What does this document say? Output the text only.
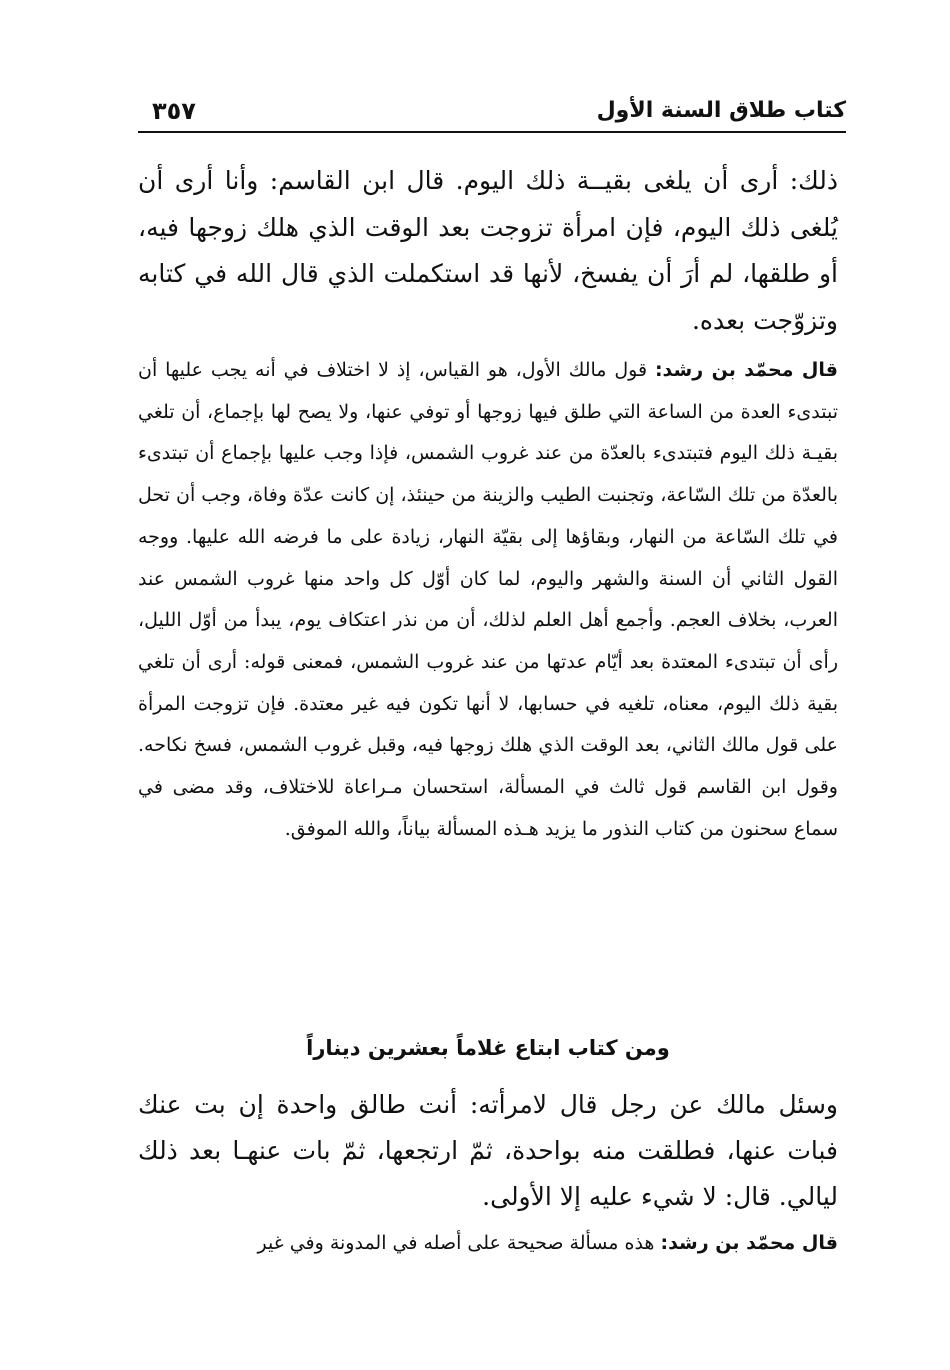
كتاب طلاق السنة الأول
٣٥٧

ذلك: أرى أن يلغى بقيــة ذلك اليوم. قال ابن القاسم: وأنا أرى أن يُلغى ذلك اليوم، فإن امرأة تزوجت بعد الوقت الذي هلك زوجها فيه، أو طلقها، لم أرَ أن يفسخ، لأنها قد استكملت الذي قال الله في كتابه وتزوّجت بعده.

قال محمّد بن رشد: قول مالك الأول، هو القياس، إذ لا اختلاف في أنه يجب عليها أن تبتدىء العدة من الساعة التي طلق فيها زوجها أو توفي عنها، ولا يصح لها بإجماع، أن تلغي بقيـة ذلك اليوم فتبتدىء بالعدّة من عند غروب الشمس، فإذا وجب عليها بإجماع أن تبتدىء بالعدّة من تلك السّاعة، وتجنبت الطيب والزينة من حينئذ، إن كانت عدّة وفاة، وجب أن تحل في تلك السّاعة من النهار، وبقاؤها إلى بقيّة النهار، زيادة على ما فرضه الله عليها. ووجه القول الثاني أن السنة والشهر واليوم، لما كان أوّل كل واحد منها غروب الشمس عند العرب، بخلاف العجم. وأجمع أهل العلم لذلك، أن من نذر اعتكاف يوم، يبدأ من أوّل الليل، رأى أن تبتدىء المعتدة بعد أيّام عدتها من عند غروب الشمس، فمعنى قوله: أرى أن تلغي بقية ذلك اليوم، معناه، تلغيه في حسابها، لا أنها تكون فيه غير معتدة. فإن تزوجت المرأة على قول مالك الثاني، بعد الوقت الذي هلك زوجها فيه، وقبل غروب الشمس، فسخ نكاحه. وقول ابن القاسم قول ثالث في المسألة، استحسان مـراعاة للاختلاف، وقد مضى في سماع سحنون من كتاب النذور ما يزيد هـذه المسألة بياناً، والله الموفق.

ومن كتاب ابتاع غلاماً بعشرين ديناراً

وسئل مالك عن رجل قال لامرأته: أنت طالق واحدة إن بت عنك فبات عنها، فطلقت منه بواحدة، ثمّ ارتجعها، ثمّ بات عنهـا بعد ذلك ليالي. قال: لا شيء عليه إلا الأولى.

قال محمّد بن رشد: هذه مسألة صحيحة على أصله في المدونة وفي غير
